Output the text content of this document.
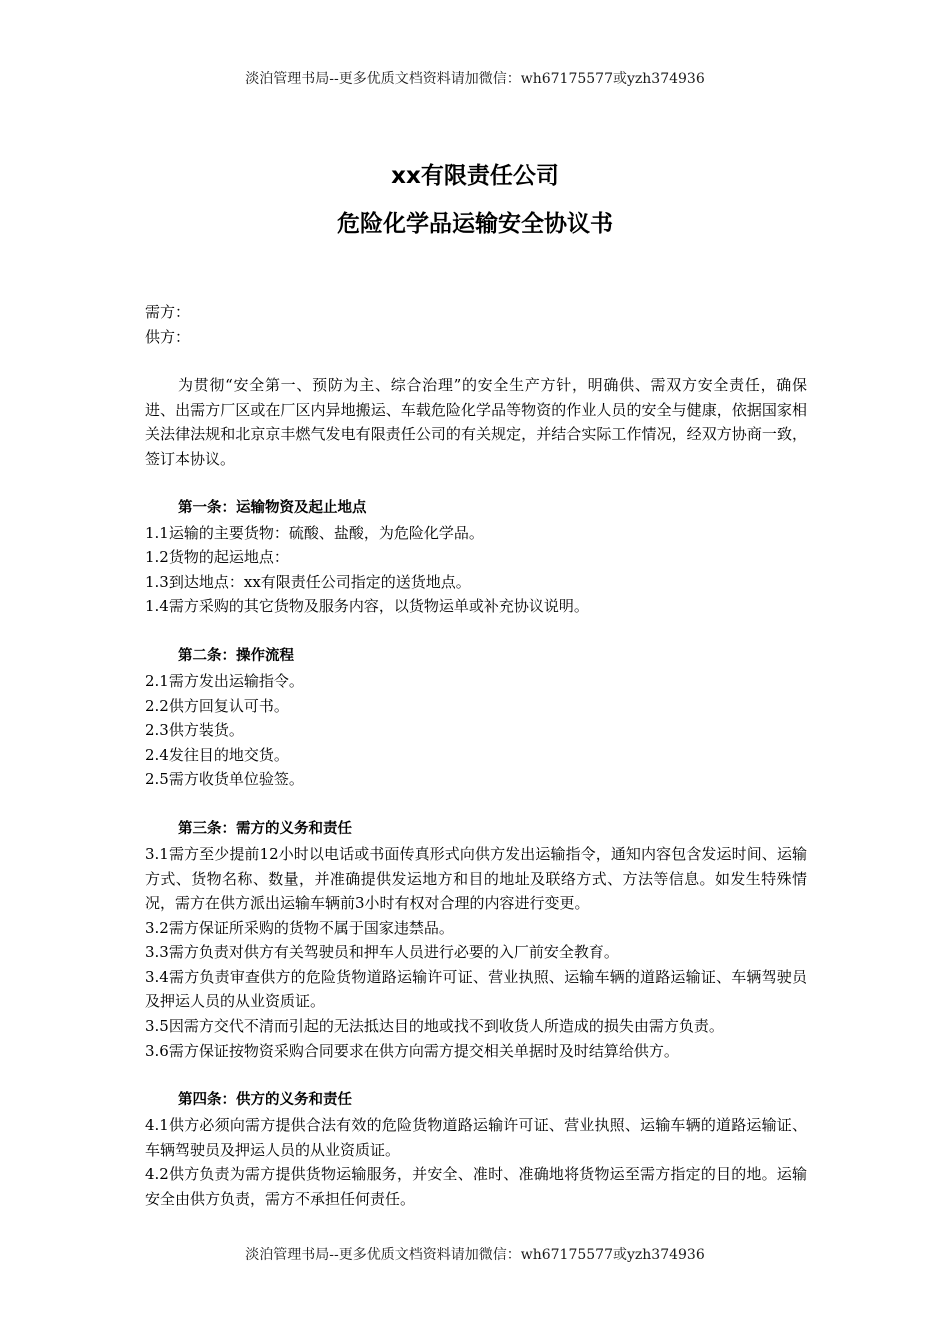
淡泊管理书局--更多优质文档资料请加微信：wh67175577或yzh374936

xx有限责任公司

危险化学品运输安全协议书

需方：

供方：

为贯彻“安全第一、预防为主、综合治理”的安全生产方针，明确供、需双方安全责任，确保进、出需方厂区或在厂区内异地搬运、车载危险化学品等物资的作业人员的安全与健康，依据国家相关法律法规和北京京丰燃气发电有限责任公司的有关规定，并结合实际工作情况，经双方协商一致，签订本协议。

第一条：运输物资及起止地点

1.1运输的主要货物：硫酸、盐酸，为危险化学品。

1.2货物的起运地点：

1.3到达地点：xx有限责任公司指定的送货地点。

1.4需方采购的其它货物及服务内容，以货物运单或补充协议说明。

第二条：操作流程

2.1需方发出运输指令。

2.2供方回复认可书。

2.3供方装货。

2.4发往目的地交货。

2.5需方收货单位验签。

第三条：需方的义务和责任

3.1需方至少提前12小时以电话或书面传真形式向供方发出运输指令，通知内容包含发运时间、运输方式、货物名称、数量，并准确提供发运地方和目的地址及联络方式、方法等信息。如发生特殊情况，需方在供方派出运输车辆前3小时有权对合理的内容进行变更。

3.2需方保证所采购的货物不属于国家违禁品。

3.3需方负责对供方有关驾驶员和押车人员进行必要的入厂前安全教育。

3.4需方负责审查供方的危险货物道路运输许可证、营业执照、运输车辆的道路运输证、车辆驾驶员及押运人员的从业资质证。

3.5因需方交代不清而引起的无法抵达目的地或找不到收货人所造成的损失由需方负责。

3.6需方保证按物资采购合同要求在供方向需方提交相关单据时及时结算给供方。

第四条：供方的义务和责任

4.1供方必须向需方提供合法有效的危险货物道路运输许可证、营业执照、运输车辆的道路运输证、车辆驾驶员及押运人员的从业资质证。

4.2供方负责为需方提供货物运输服务，并安全、准时、准确地将货物运至需方指定的目的地。运输安全由供方负责，需方不承担任何责任。

淡泊管理书局--更多优质文档资料请加微信：wh67175577或yzh374936
